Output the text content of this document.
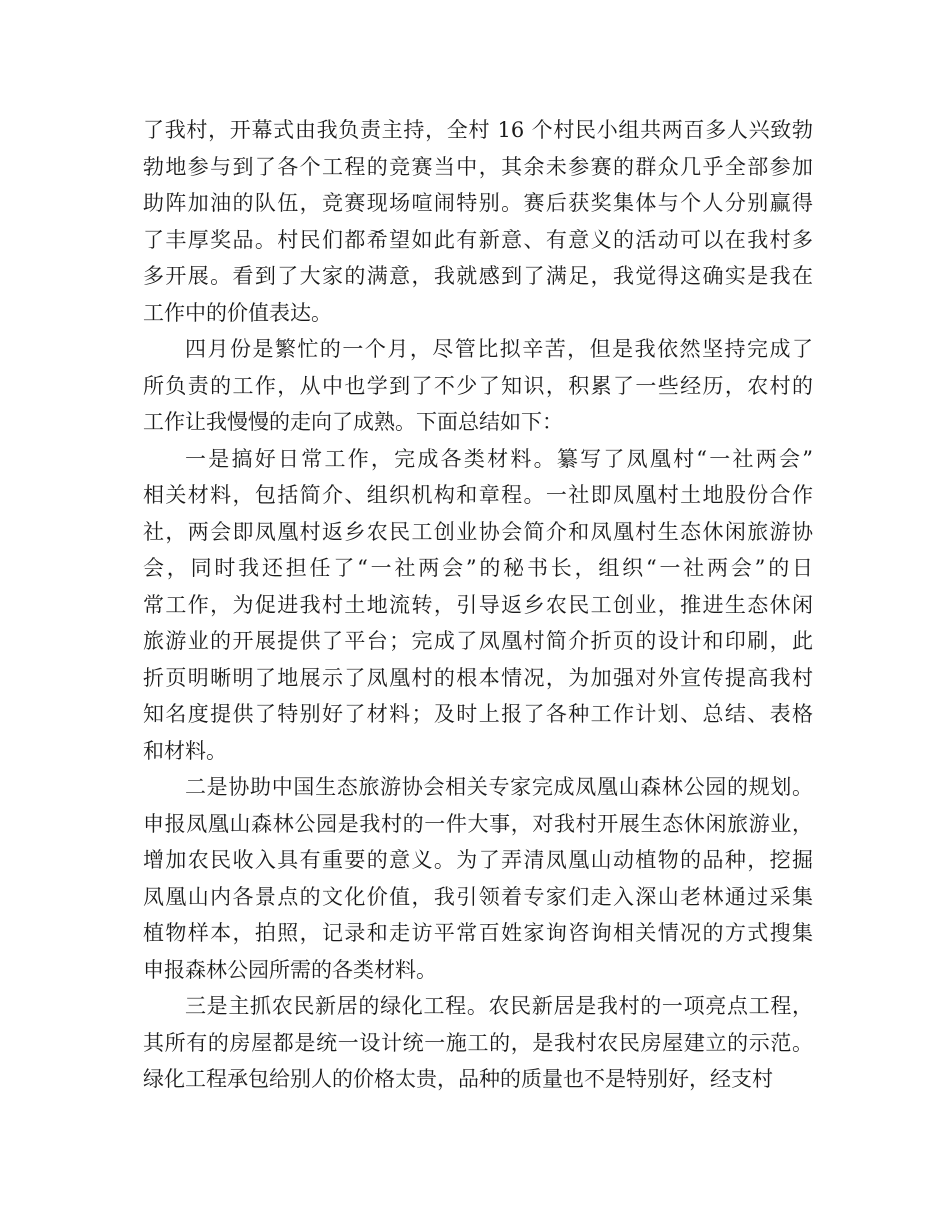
了我村，开幕式由我负责主持，全村 16 个村民小组共两百多人兴致勃
勃地参与到了各个工程的竞赛当中，其余未参赛的群众几乎全部参加
助阵加油的队伍，竞赛现场喧闹特别。赛后获奖集体与个人分别赢得
了丰厚奖品。村民们都希望如此有新意、有意义的活动可以在我村多
多开展。看到了大家的满意，我就感到了满足，我觉得这确实是我在
工作中的价值表达。
四月份是繁忙的一个月，尽管比拟辛苦，但是我依然坚持完成了
所负责的工作，从中也学到了不少了知识，积累了一些经历，农村的
工作让我慢慢的走向了成熟。下面总结如下：
一是搞好日常工作，完成各类材料。纂写了凤凰村“一社两会”
相关材料，包括简介、组织机构和章程。一社即凤凰村土地股份合作
社，两会即凤凰村返乡农民工创业协会简介和凤凰村生态休闲旅游协
会，同时我还担任了“一社两会”的秘书长，组织“一社两会”的日
常工作，为促进我村土地流转，引导返乡农民工创业，推进生态休闲
旅游业的开展提供了平台；完成了凤凰村简介折页的设计和印刷，此
折页明晰明了地展示了凤凰村的根本情况，为加强对外宣传提高我村
知名度提供了特别好了材料；及时上报了各种工作计划、总结、表格
和材料。
二是协助中国生态旅游协会相关专家完成凤凰山森林公园的规划。
申报凤凰山森林公园是我村的一件大事，对我村开展生态休闲旅游业，
增加农民收入具有重要的意义。为了弄清凤凰山动植物的品种，挖掘
凤凰山内各景点的文化价值，我引领着专家们走入深山老林通过采集
植物样本，拍照，记录和走访平常百姓家询咨询相关情况的方式搜集
申报森林公园所需的各类材料。
三是主抓农民新居的绿化工程。农民新居是我村的一项亮点工程，
其所有的房屋都是统一设计统一施工的，是我村农民房屋建立的示范。
绿化工程承包给别人的价格太贵，品种的质量也不是特别好，经支村
